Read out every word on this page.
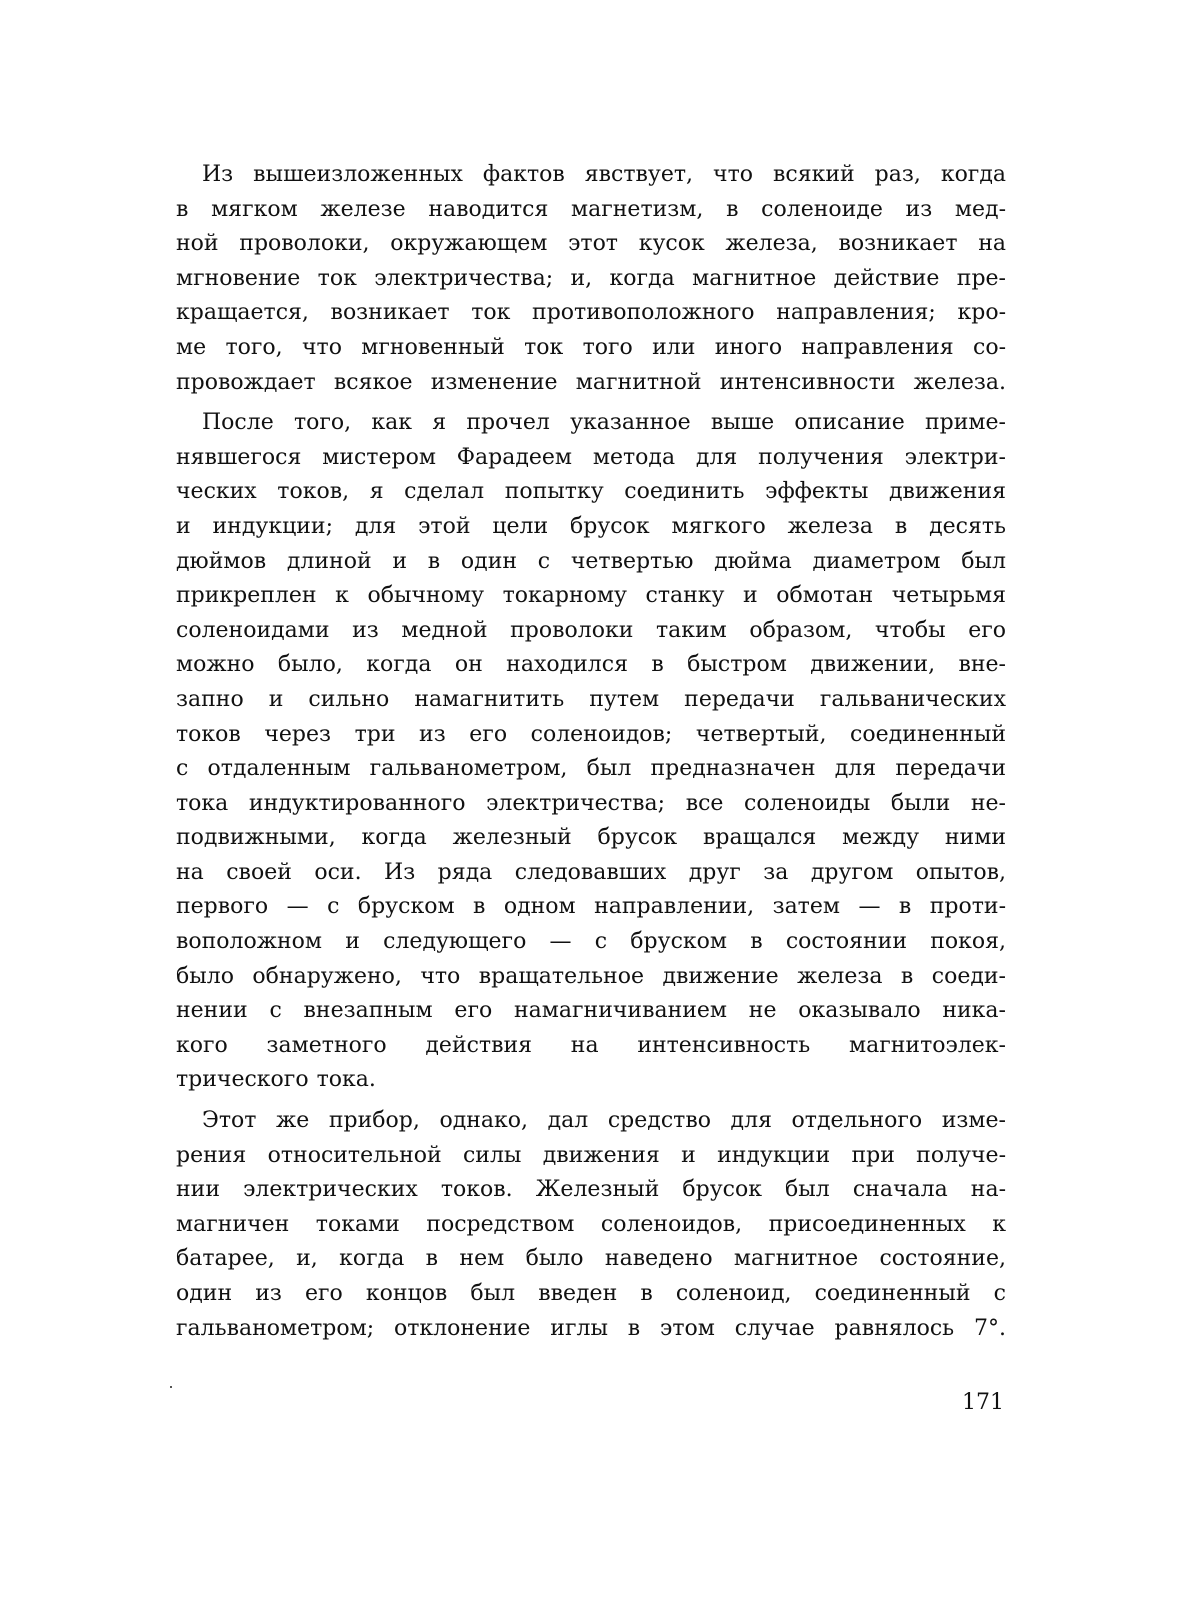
Из вышеизложенных фактов явствует, что всякий раз, когда
в мягком железе наводится магнетизм, в соленоиде из мед-
ной проволоки, окружающем этот кусок железа, возникает на
мгновение ток электричества; и, когда магнитное действие пре-
кращается, возникает ток противоположного направления; кро-
ме того, что мгновенный ток того или иного направления со-
провождает всякое изменение магнитной интенсивности железа.

После того, как я прочел указанное выше описание приме-
нявшегося мистером Фарадеем метода для получения электри-
ческих токов, я сделал попытку соединить эффекты движения
и индукции; для этой цели брусок мягкого железа в десять
дюймов длиной и в один с четвертью дюйма диаметром был
прикреплен к обычному токарному станку и обмотан четырьмя
соленоидами из медной проволоки таким образом, чтобы его
можно было, когда он находился в быстром движении, вне-
запно и сильно намагнитить путем передачи гальванических
токов через три из его соленоидов; четвертый, соединенный
с отдаленным гальванометром, был предназначен для передачи
тока индуктированного электричества; все соленоиды были не-
подвижными, когда железный брусок вращался между ними
на своей оси. Из ряда следовавших друг за другом опытов,
первого — с бруском в одном направлении, затем — в проти-
воположном и следующего — с бруском в состоянии покоя,
было обнаружено, что вращательное движение железа в соеди-
нении с внезапным его намагничиванием не оказывало ника-
кого заметного действия на интенсивность магнитоэлек-
трического тока.

Этот же прибор, однако, дал средство для отдельного изме-
рения относительной силы движения и индукции при получе-
нии электрических токов. Железный брусок был сначала на-
магничен токами посредством соленоидов, присоединенных к
батарее, и, когда в нем было наведено магнитное состояние,
один из его концов был введен в соленоид, соединенный с
гальванометром; отклонение иглы в этом случае равнялось 7°.

171
